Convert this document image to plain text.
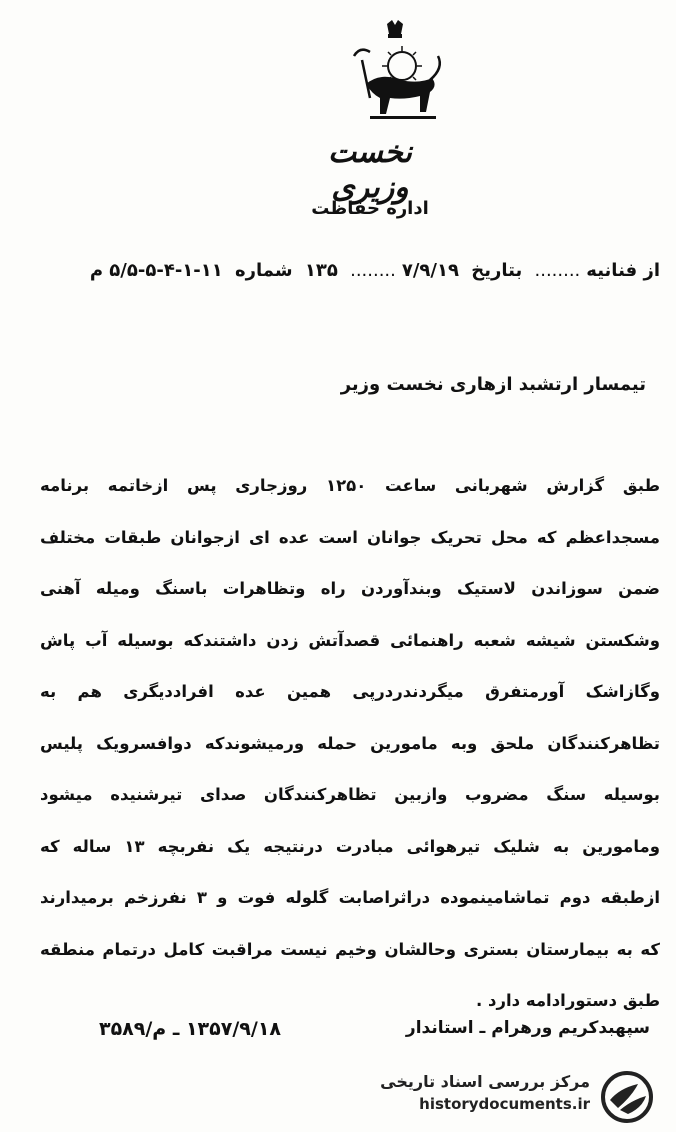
نخست وزیری
اداره حفاظت
از فنانیه........ بتاریخ ۷/۹/۱۹........ ۱۳۵ شماره ۱۱-۱-۴-۵-۵/۵ م
تیمسار ارتشبد ازهاری نخست وزیر
طبق گزارش شهربانی ساعت ۱۲۵۰ روزجاری پس ازخاتمه برنامه
مسجداعظم که محل تحریک جوانان است عده ای ازجوانان طبقات مختلف
ضمن سوزاندن لاستیک وبندآوردن راه وتظاهرات باسنگ ومیله آهنی
وشکستن شیشه شعبه راهنمائی قصدآتش زدن داشتندکه بوسیله آب پاش
وگازاشک آورمتفرق میگردندردرپی همین عده افراددیگری هم به
تظاهرکنندگان ملحق وبه مامورین حمله ورمیشوندکه دوافسرویک پلیس
بوسیله سنگ مضروب وازبین تظاهرکنندگان صدای تیرشنیده میشود
ومامورین به شلیک تیرهوائی مبادرت درنتیجه یک نفربچه ۱۳ ساله که
ازطبقه دوم تماشامینموده دراثراصابت گلوله فوت و ۳ نفرزخم برمیدارند
که به بیمارستان بستری وحالشان وخیم نیست مراقبت کامل درتمام منطقه
طبق دستورادامه دارد .
۱۳۵۷/۹/۱۸ ـ م/۳۵۸۹	سپهبدکریم ورهرام ـ استاندار
مرکز بررسی اسناد تاریخی
historydocuments.ir
